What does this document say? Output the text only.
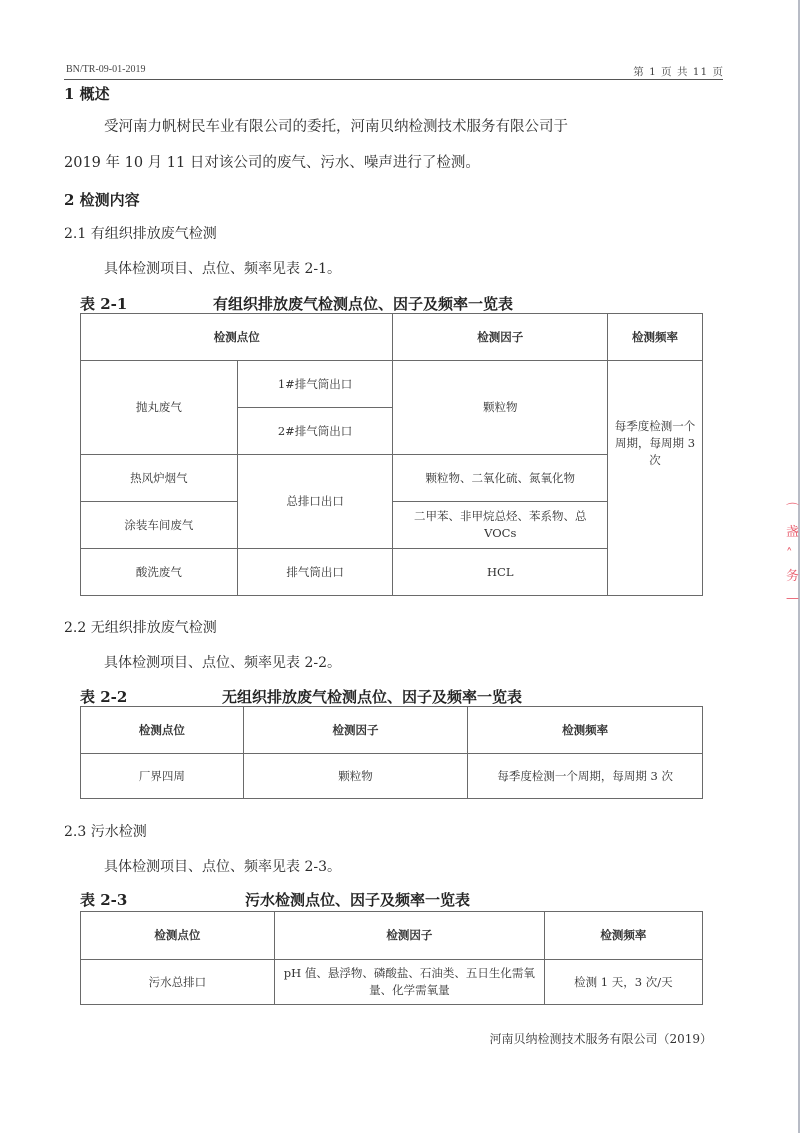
BN/TR-09-01-2019	第 1 页 共 11 页
1 概述
受河南力帆树民车业有限公司的委托，河南贝纳检测技术服务有限公司于
2019 年 10 月 11 日对该公司的废气、污水、噪声进行了检测。
2 检测内容
2.1 有组织排放废气检测
具体检测项目、点位、频率见表 2-1。
表 2-1	有组织排放废气检测点位、因子及频率一览表
检测点位		检测因子	检测频率
抛丸废气	1#排气筒出口	颗粒物	每季度检测一个周期，每周期 3 次

	2#排气筒出口		
热风炉烟气	总排口出口	颗粒物、二氧化硫、氮氧化物	
涂装车间废气		二甲苯、非甲烷总烃、苯系物、总 VOCs	
酸洗废气	排气筒出口	HCL	
2.2 无组织排放废气检测
具体检测项目、点位、频率见表 2-2。
表 2-2	无组织排放废气检测点位、因子及频率一览表
检测点位	检测因子	检测频率
厂界四周	颗粒物	每季度检测一个周期，每周期 3 次
2.3 污水检测
具体检测项目、点位、频率见表 2-3。
表 2-3	污水检测点位、因子及频率一览表
检测点位	检测因子	检测频率
污水总排口	pH 值、悬浮物、磷酸盐、石油类、五日生化需氧量、化学需氧量	检测 1 天，3 次/天
河南贝纳检测技术服务有限公司（2019）
⌒
盏
˄
务
—
